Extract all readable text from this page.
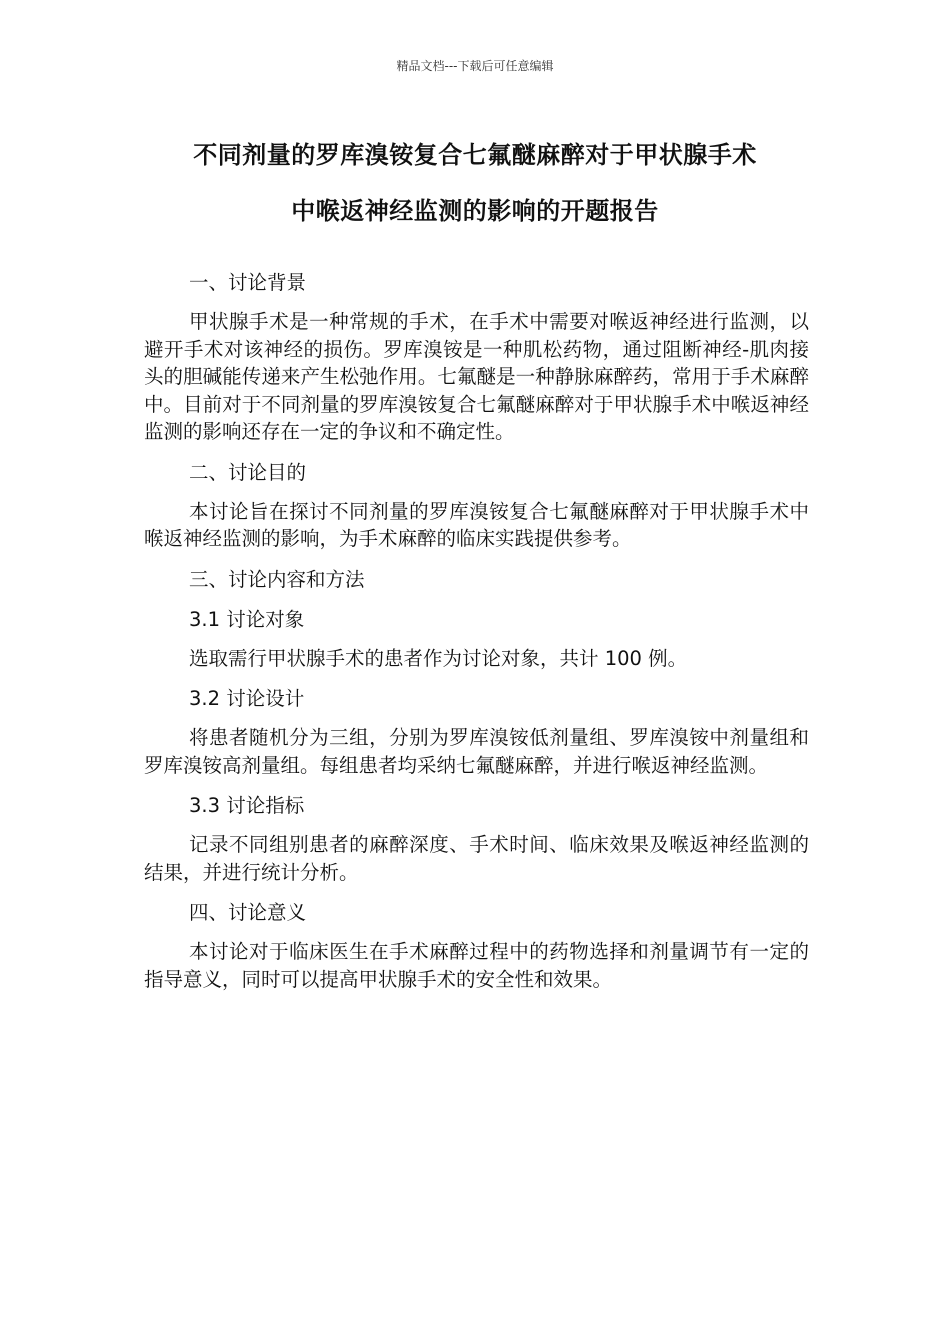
精品文档---下载后可任意编辑
不同剂量的罗库溴铵复合七氟醚麻醉对于甲状腺手术
中喉返神经监测的影响的开题报告
一、讨论背景
甲状腺手术是一种常规的手术，在手术中需要对喉返神经进行监测，以避开手术对该神经的损伤。罗库溴铵是一种肌松药物，通过阻断神经-肌肉接头的胆碱能传递来产生松弛作用。七氟醚是一种静脉麻醉药，常用于手术麻醉中。目前对于不同剂量的罗库溴铵复合七氟醚麻醉对于甲状腺手术中喉返神经监测的影响还存在一定的争议和不确定性。
二、讨论目的
本讨论旨在探讨不同剂量的罗库溴铵复合七氟醚麻醉对于甲状腺手术中喉返神经监测的影响，为手术麻醉的临床实践提供参考。
三、讨论内容和方法
3.1 讨论对象
选取需行甲状腺手术的患者作为讨论对象，共计 100 例。
3.2 讨论设计
将患者随机分为三组，分别为罗库溴铵低剂量组、罗库溴铵中剂量组和罗库溴铵高剂量组。每组患者均采纳七氟醚麻醉，并进行喉返神经监测。
3.3 讨论指标
记录不同组别患者的麻醉深度、手术时间、临床效果及喉返神经监测的结果，并进行统计分析。
四、讨论意义
本讨论对于临床医生在手术麻醉过程中的药物选择和剂量调节有一定的指导意义，同时可以提高甲状腺手术的安全性和效果。
